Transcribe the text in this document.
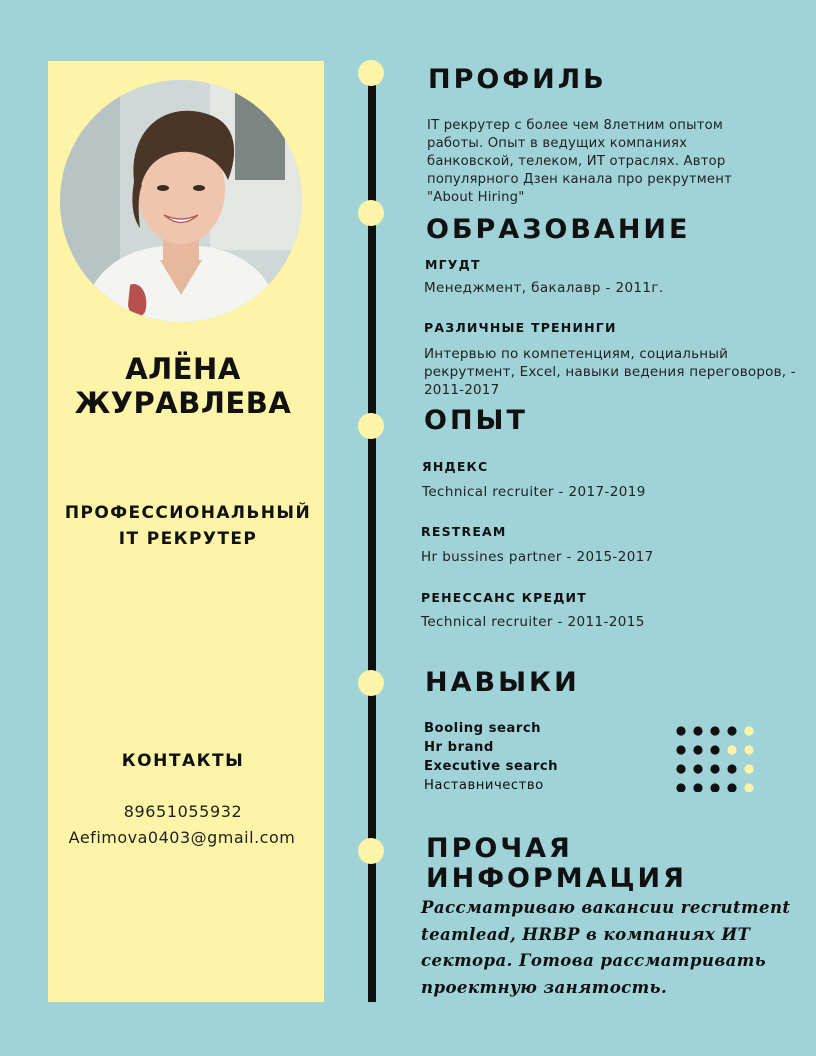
АЛЁНА ЖУРАВЛЕВА
ПРОФЕССИОНАЛЬНЫЙ
IT РЕКРУТЕР
КОНТАКТЫ
89651055932
Aefimova0403@gmail.com
ПРОФИЛЬ
IT рекрутер с более чем 8летним опытом работы. Опыт в ведущих компаниях банковской, телеком, ИТ отраслях. Автор популярного Дзен канала про рекрутмент "About Hiring"
ОБРАЗОВАНИЕ
МГУДТ
Менеджмент, бакалавр - 2011г.
РАЗЛИЧНЫЕ ТРЕНИНГИ
Интервью по компетенциям, социальный рекрутмент, Excel, навыки ведения переговоров, - 2011-2017
ОПЫТ
ЯНДЕКС
Technical recruiter - 2017-2019
RESTREAM
Hr bussines partner - 2015-2017
РЕНЕССАНС КРЕДИТ
Technical recruiter - 2011-2015
НАВЫКИ
Booling search
Hr brand
Executive search
Наставничество
ПРОЧАЯ
ИНФОРМАЦИЯ
Рассматриваю вакансии recrutment teamlead, HRBP в компаниях ИТ сектора. Готова рассматривать проектную занятость.
